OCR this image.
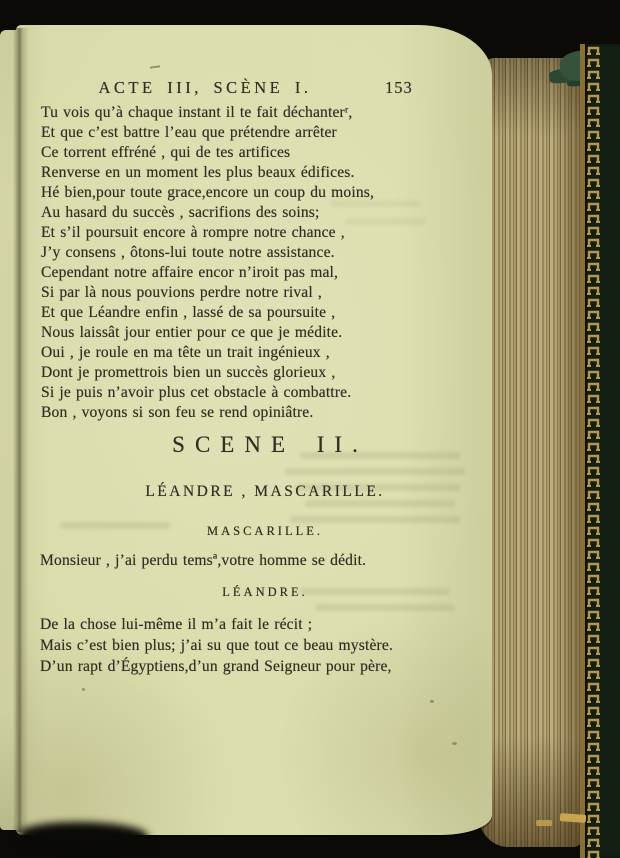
ACTE III, SCÈNE I.	153
Tu vois qu’à chaque instant il te fait déchanterʳ,
Et que c’est battre l’eau que prétendre arrêter
Ce torrent effréné , qui de tes artifices
Renverse en un moment les plus beaux édifices.
Hé bien,pour toute grace,encore un coup du moins,
Au hasard du succès , sacrifions des soins;
Et s’il poursuit encore à rompre notre chance ,
J’y consens , ôtons-lui toute notre assistance.
Cependant notre affaire encor n’iroit pas mal,
Si par là nous pouvions perdre notre rival ,
Et que Léandre enfin , lassé de sa poursuite ,
Nous laissât jour entier pour ce que je médite.
Oui , je roule en ma tête un trait ingénieux ,
Dont je promettrois bien un succès glorieux ,
Si je puis n’avoir plus cet obstacle à combattre.
Bon , voyons si son feu se rend opiniâtre.
SCENE II.
LÉANDRE , MASCARILLE.
MASCARILLE.
Monsieur , j’ai perdu temsª,votre homme se dédit.
LÉANDRE.
De la chose lui-même il m’a fait le récit ;
Mais c’est bien plus; j’ai su que tout ce beau mystère.
D’un rapt d’Égyptiens,d’un grand Seigneur pour père,
